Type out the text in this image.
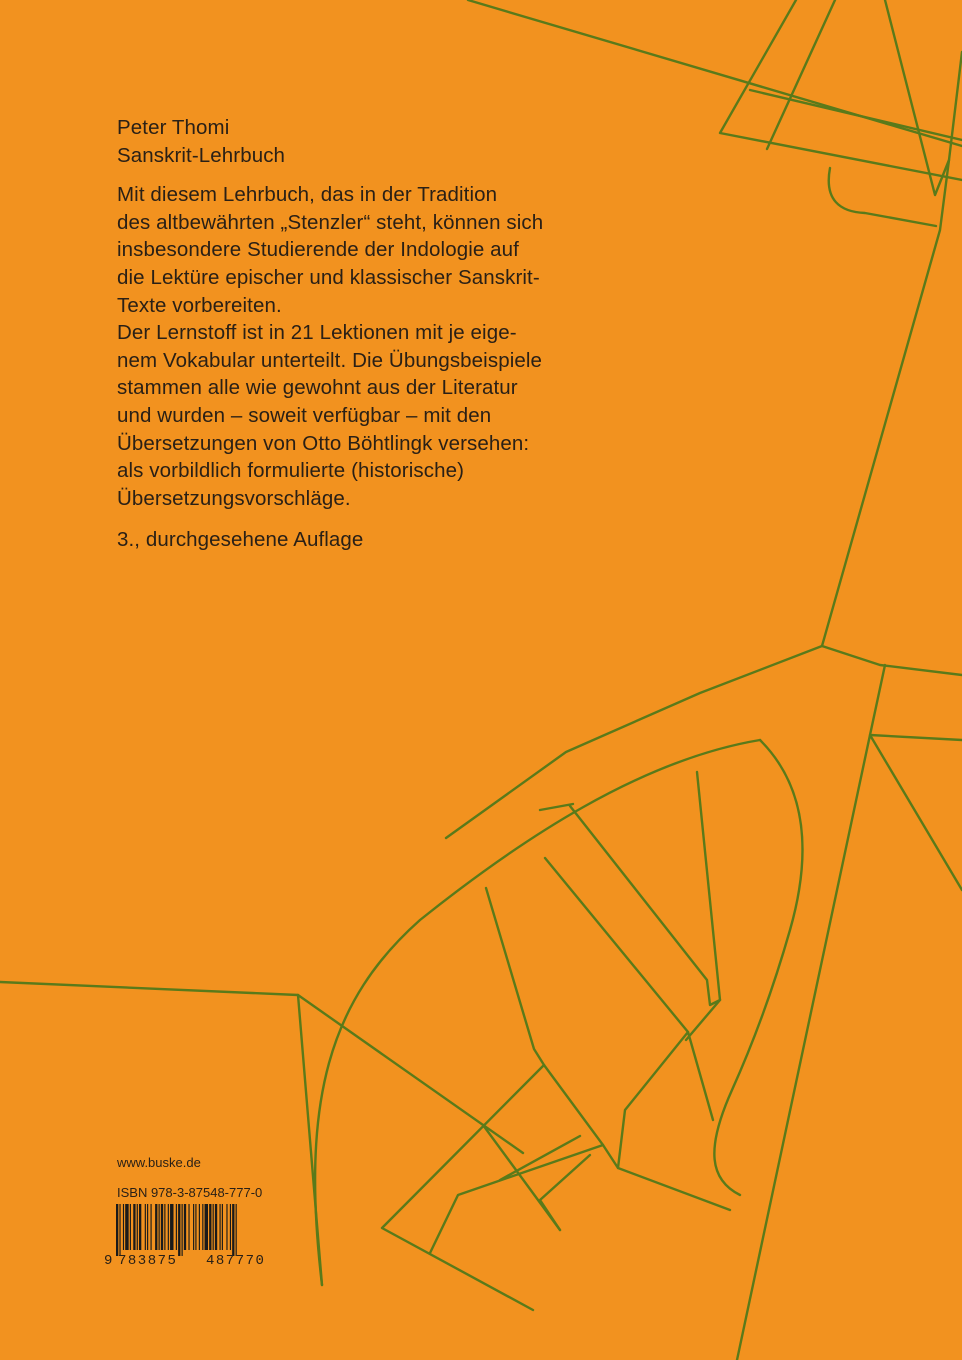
Peter Thomi
Sanskrit-Lehrbuch

Mit diesem Lehrbuch, das in der Tradition
des altbewährten „Stenzler“ steht, können sich
insbesondere Studierende der Indologie auf
die Lektüre epischer und klassischer Sanskrit-
Texte vorbereiten.
Der Lernstoff ist in 21 Lektionen mit je eige-
nem Vokabular unterteilt. Die Übungsbeispiele
stammen alle wie gewohnt aus der Literatur
und wurden – soweit verfügbar – mit den
Übersetzungen von Otto Böhtlingk versehen:
als vorbildlich formulierte (historische)
Übersetzungsvorschläge.

3., durchgesehene Auflage

www.buske.de
ISBN 978-3-87548-777-0
9 783875 487770
